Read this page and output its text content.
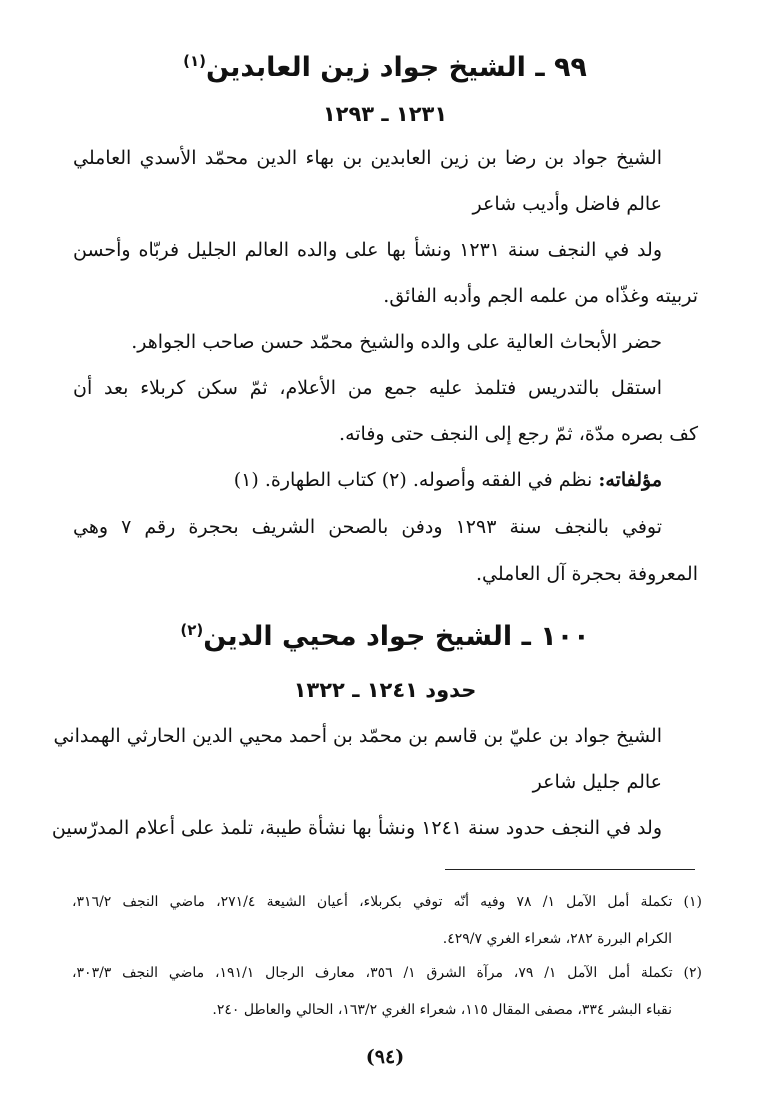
٩٩ ـ الشيخ جواد زين العابدين$^{(١)}$
١٢٣١ ـ ١٢٩٣
الشيخ جواد بن رضا بن زين العابدين بن بهاء الدين محمّد الأسدي العاملي
عالم فاضل وأديب شاعر
ولد في النجف سنة ١٢٣١ ونشأ بها على والده العالم الجليل فربّاه وأحسن
تربيته وغذّاه من علمه الجم وأدبه الفائق.
حضر الأبحاث العالية على والده والشيخ محمّد حسن صاحب الجواهر.
استقل بالتدريس فتلمذ عليه جمع من الأعلام، ثمّ سكن كربلاء بعد أن
كف بصره مدّة، ثمّ رجع إلى النجف حتى وفاته.
مؤلفاته: نظم في الفقه وأصوله. (٢) كتاب الطهارة. (١)
توفي بالنجف سنة ١٢٩٣ ودفن بالصحن الشريف بحجرة رقم ٧ وهي
المعروفة بحجرة آل العاملي.
١٠٠ ـ الشيخ جواد محيي الدين$^{(٢)}$
حدود ١٢٤١ ـ ١٣٢٢
الشيخ جواد بن عليّ بن قاسم بن محمّد بن أحمد محيي الدين الحارثي الهمداني
عالم جليل شاعر
ولد في النجف حدود سنة ١٢٤١ ونشأ بها نشأة طيبة، تلمذ على أعلام المدرّسين
(١) تكملة أمل الآمل ١/ ٧٨ وفيه أنّه توفي بكربلاء، أعيان الشيعة ٢٧١/٤، ماضي النجف ٣١٦/٢،
الكرام البررة ٢٨٢، شعراء الغري ٤٢٩/٧.
(٢) تكملة أمل الآمل ١/ ٧٩، مرآة الشرق ١/ ٣٥٦، معارف الرجال ١٩١/١، ماضي النجف ٣٠٣/٣،
نقباء البشر ٣٣٤، مصفى المقال ١١٥، شعراء الغري ١٦٣/٢، الحالي والعاطل ٢٤٠.
(٩٤)
